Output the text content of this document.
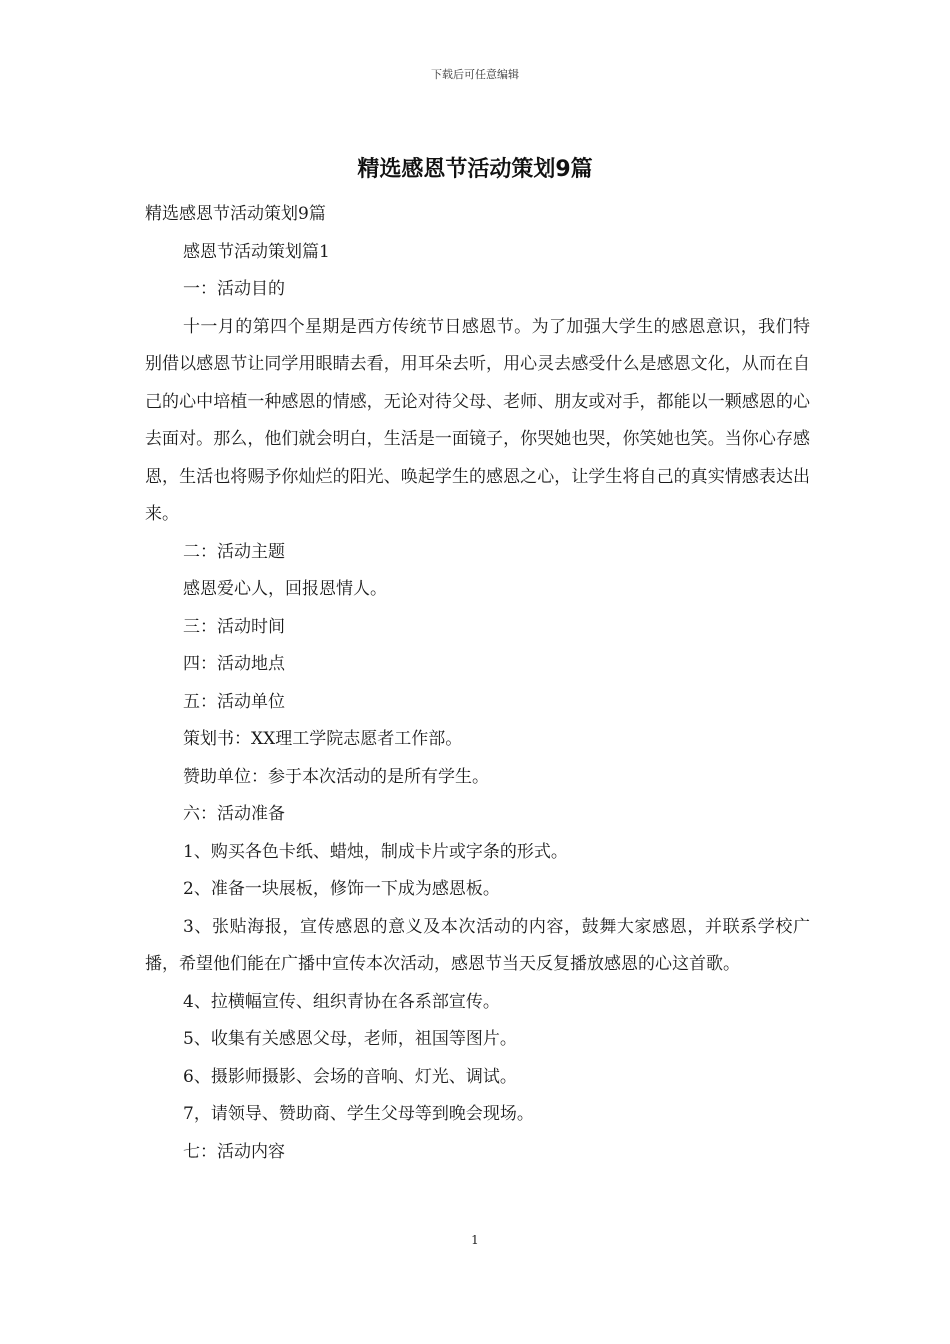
下载后可任意编辑
精选感恩节活动策划9篇

精选感恩节活动策划9篇

感恩节活动策划篇1

一：活动目的

十一月的第四个星期是西方传统节日感恩节。为了加强大学生的感恩意识，我们特别借以感恩节让同学用眼睛去看，用耳朵去听，用心灵去感受什么是感恩文化，从而在自己的心中培植一种感恩的情感，无论对待父母、老师、朋友或对手，都能以一颗感恩的心去面对。那么，他们就会明白，生活是一面镜子，你哭她也哭，你笑她也笑。当你心存感恩，生活也将赐予你灿烂的阳光、唤起学生的感恩之心，让学生将自己的真实情感表达出来。

二：活动主题

感恩爱心人，回报恩情人。

三：活动时间

四：活动地点

五：活动单位

策划书：XX理工学院志愿者工作部。

赞助单位：参于本次活动的是所有学生。

六：活动准备

1、购买各色卡纸、蜡烛，制成卡片或字条的形式。

2、准备一块展板，修饰一下成为感恩板。

3、张贴海报，宣传感恩的意义及本次活动的内容，鼓舞大家感恩，并联系学校广播，希望他们能在广播中宣传本次活动，感恩节当天反复播放感恩的心这首歌。

4、拉横幅宣传、组织青协在各系部宣传。

5、收集有关感恩父母，老师，祖国等图片。

6、摄影师摄影、会场的音响、灯光、调试。

7，请领导、赞助商、学生父母等到晚会现场。

七：活动内容

1
